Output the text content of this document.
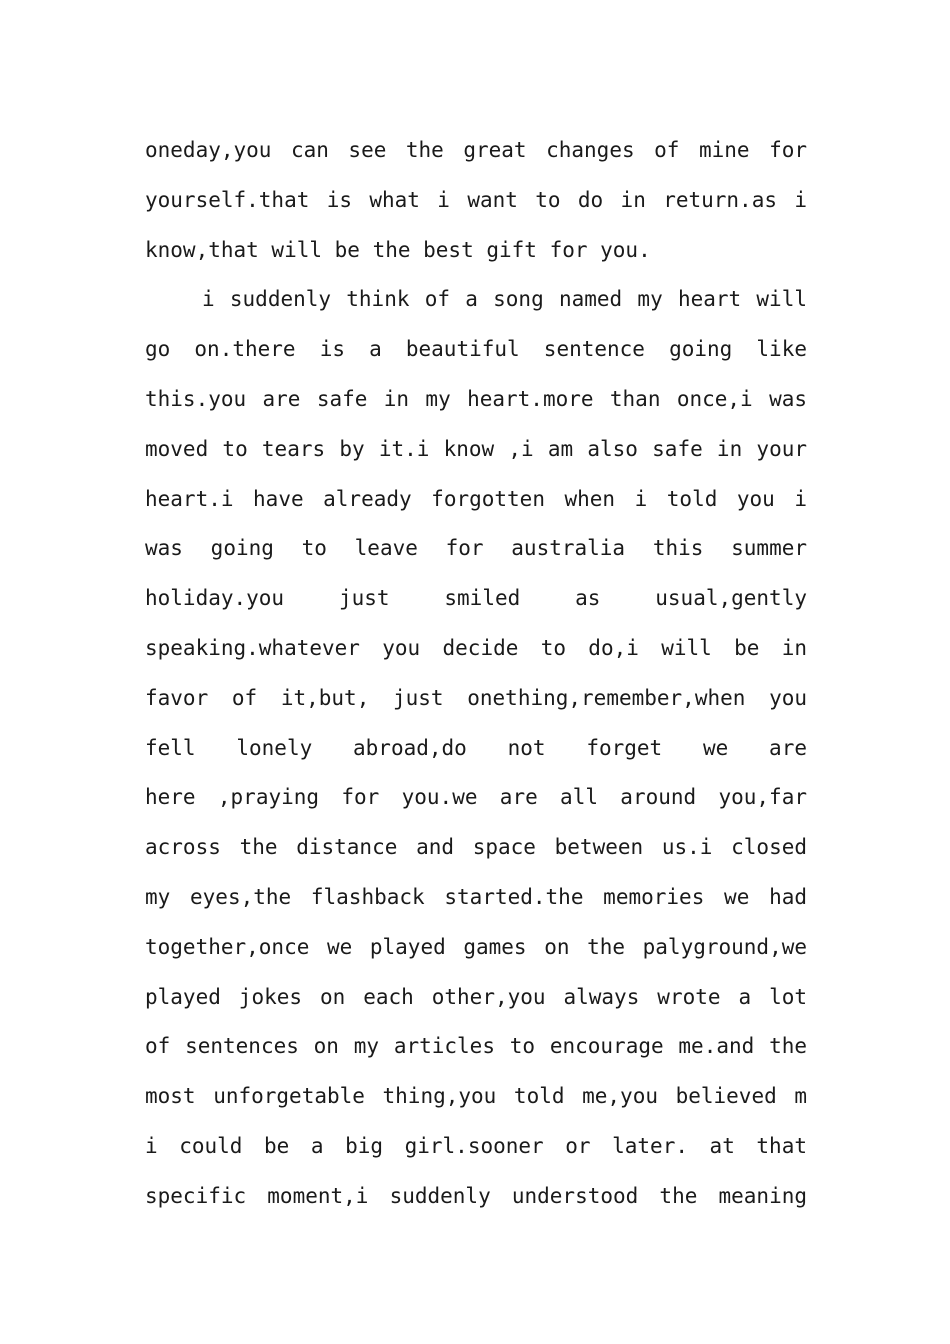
oneday,you can see the great changes of mine for
yourself.that is what i want to do in return.as i
know,that will be the best gift for you.
i suddenly think of a song named my heart will
go on.there is a beautiful sentence going like
this.you are safe in my heart.more than once,i was
moved to tears by it.i know ,i am also safe in your
heart.i have already forgotten when i told you i
was going to leave for australia this summer
holiday.you just smiled as usual,gently
speaking.whatever you decide to do,i will be in
favor of it,but, just onething,remember,when you
fell lonely abroad,do not forget we are
here ,praying for you.we are all around you,far
across the distance and space between us.i closed
my eyes,the flashback started.the memories we had
together,once we played games on the palyground,we
played jokes on each other,you always wrote a lot
of sentences on my articles to encourage me.and the
most unforgetable thing,you told me,you believed m
i could be a big girl.sooner or later. at that
specific moment,i suddenly understood the meaning
